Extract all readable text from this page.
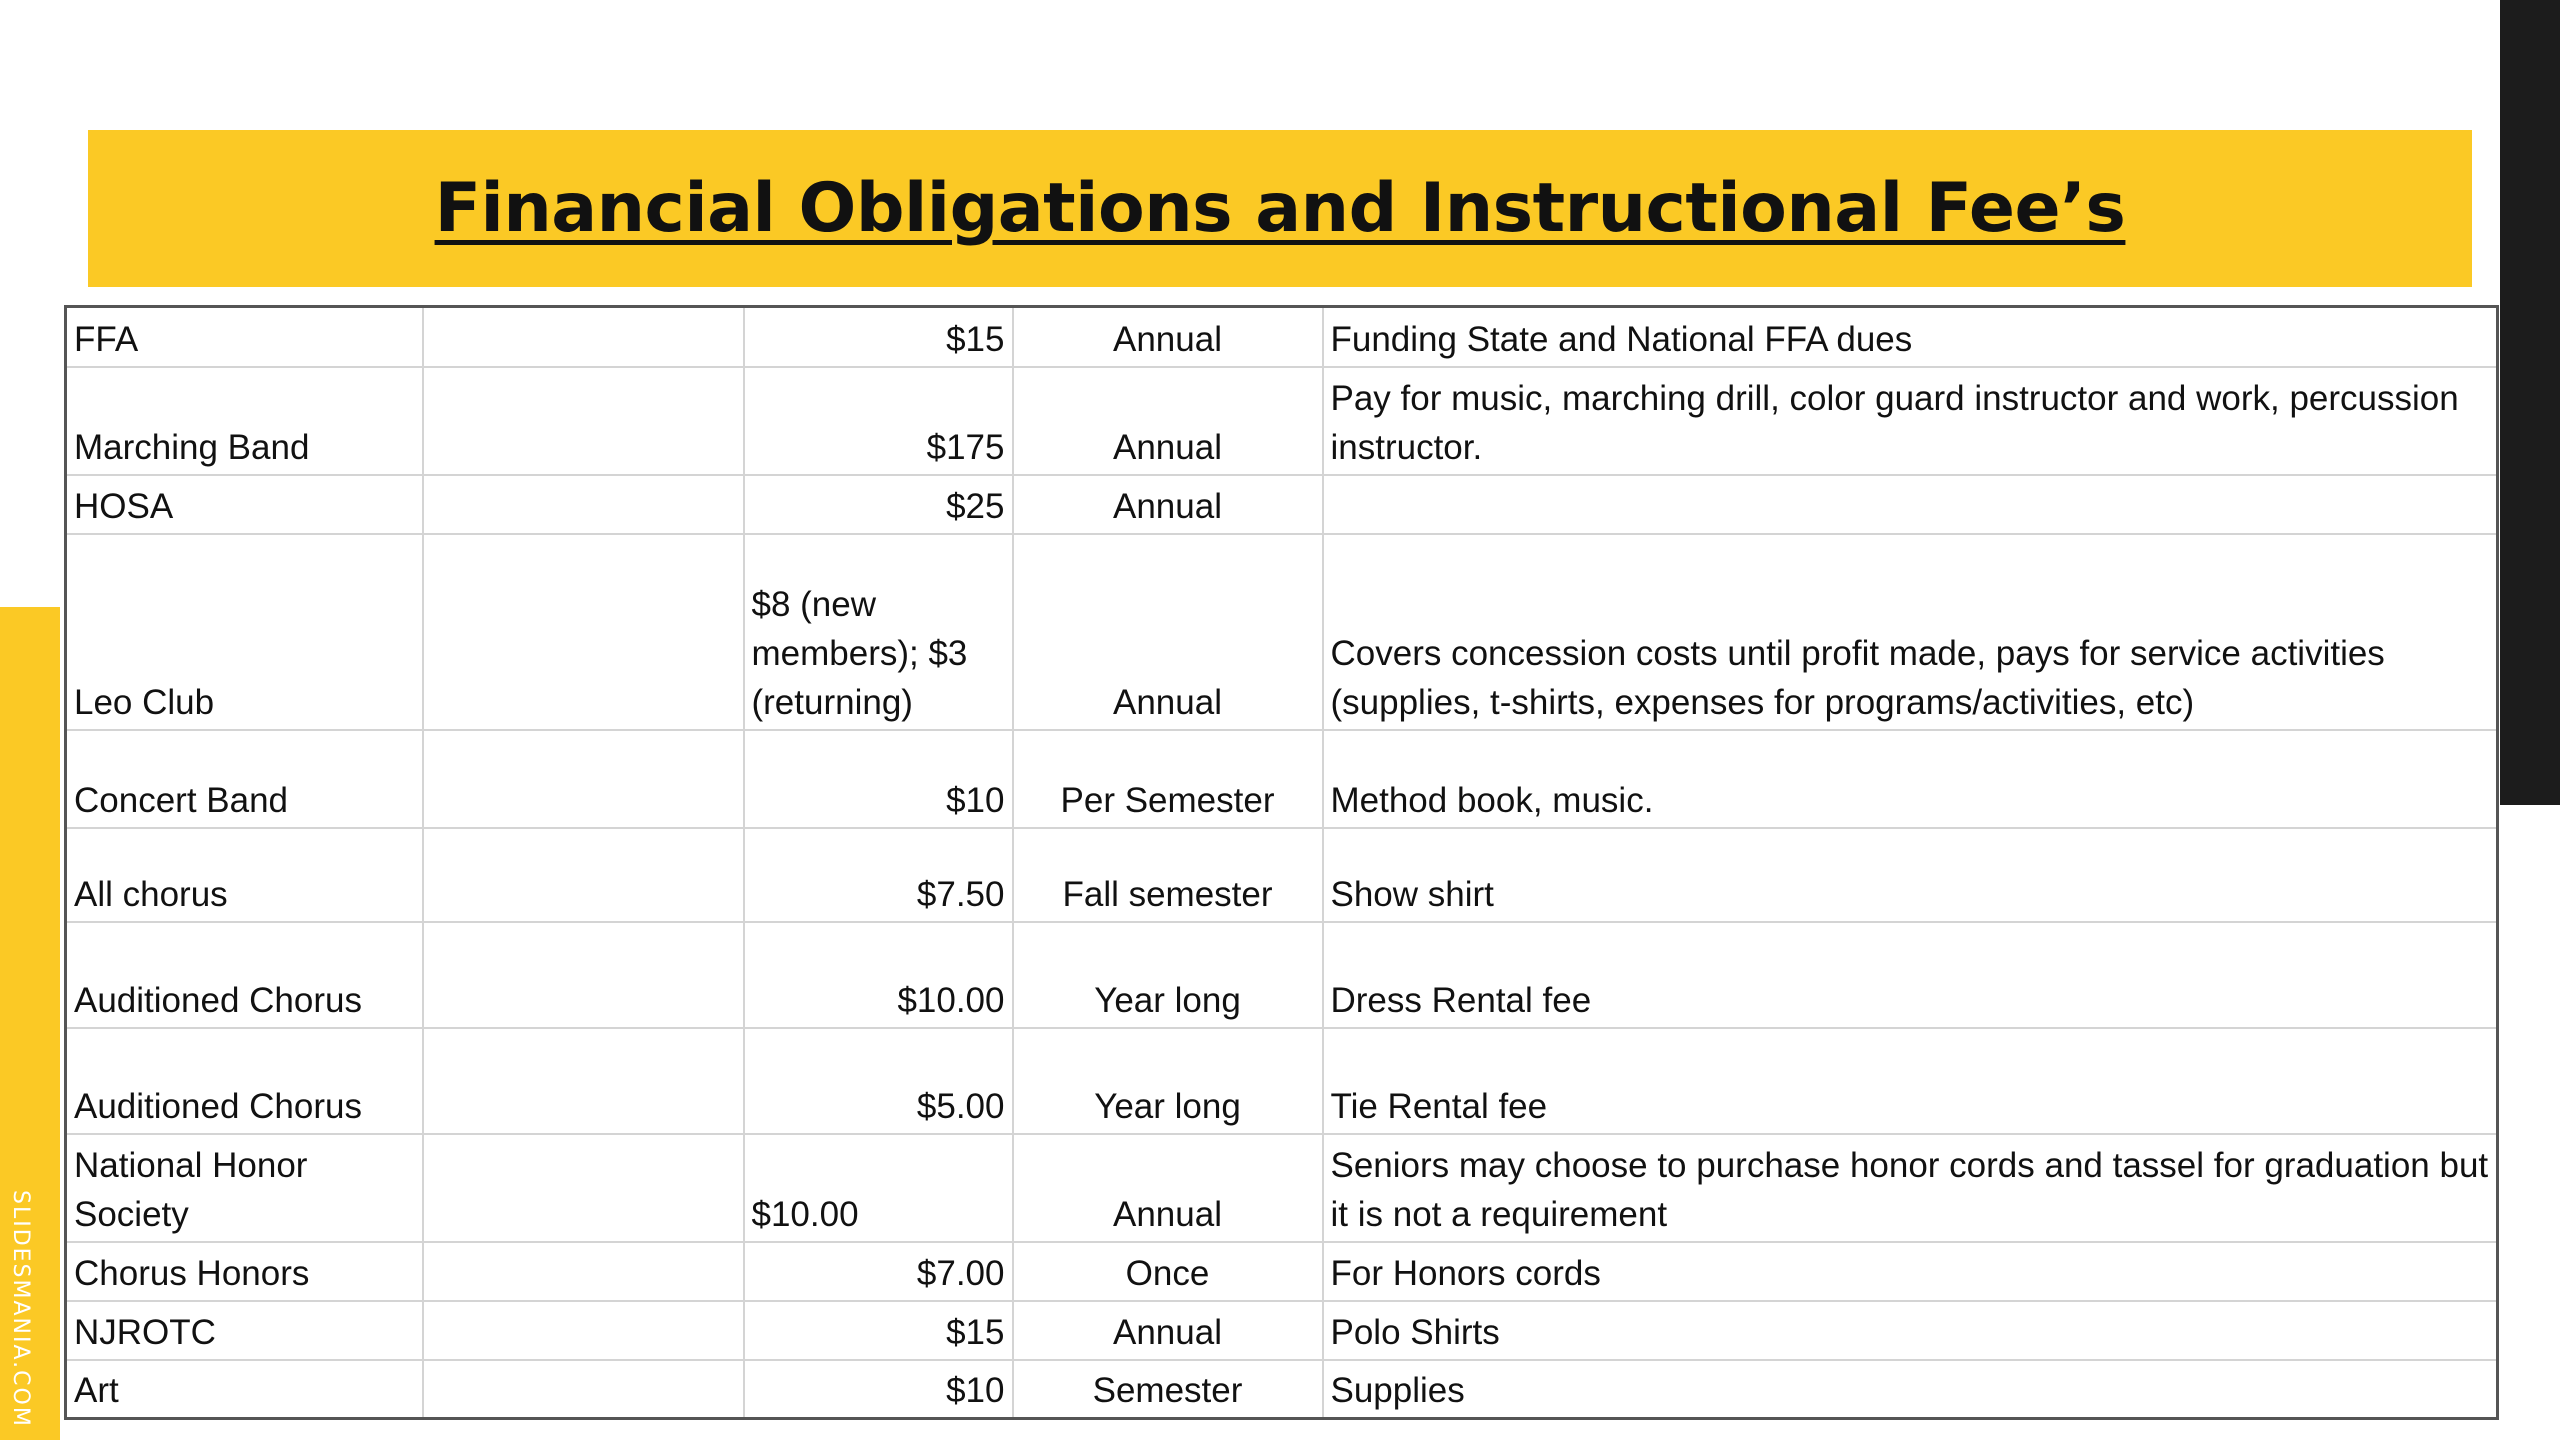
SLIDESMANIA.COM
Financial Obligations and Instructional Fee’s
FFA		$15	Annual	Funding State and National FFA dues
Marching Band		$175	Annual	Pay for music, marching drill, color guard instructor and work, percussion instructor.
HOSA		$25	Annual	
Leo Club		$8 (new members); $3 (returning)	Annual	Covers concession costs until profit made, pays for service activities (supplies, t-shirts, expenses for programs/activities, etc)
Concert Band		$10	Per Semester	Method book, music.
All chorus		$7.50	Fall semester	Show shirt
Auditioned Chorus		$10.00	Year long	Dress Rental fee
Auditioned Chorus		$5.00	Year long	Tie Rental fee
National Honor Society		$10.00	Annual	Seniors may choose to purchase honor cords and tassel for graduation but it is not a requirement
Chorus Honors		$7.00	Once	For Honors cords
NJROTC		$15	Annual	Polo Shirts
Art		$10	Semester	Supplies
